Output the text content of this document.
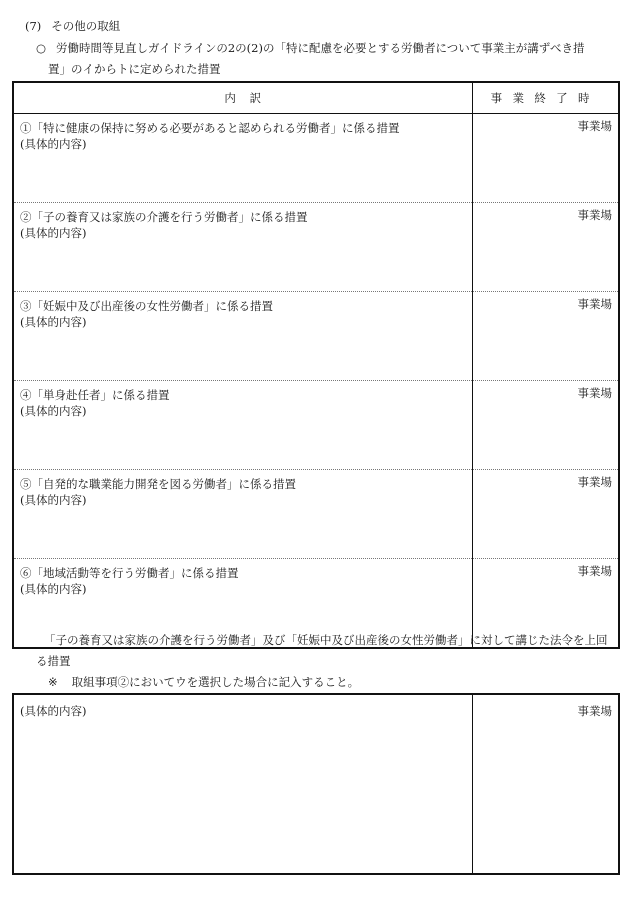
(7) その他の取組
○ 労働時間等見直しガイドラインの2の(2)の「特に配慮を必要とする労働者について事業主が講ずべき措
置」のイからトに定められた措置
内訳	事業終了時

①「特に健康の保持に努める必要があると認められる労働者」に係る措置
(具体的内容)	事業場

②「子の養育又は家族の介護を行う労働者」に係る措置
(具体的内容)	事業場

③「妊娠中及び出産後の女性労働者」に係る措置
(具体的内容)	事業場

④「単身赴任者」に係る措置
(具体的内容)	事業場

⑤「自発的な職業能力開発を図る労働者」に係る措置
(具体的内容)	事業場

⑥「地域活動等を行う労働者」に係る措置
(具体的内容)	事業場
「子の養育又は家族の介護を行う労働者」及び「妊娠中及び出産後の女性労働者」に対して講じた法令を上回
る措置
※ 取組事項②においてウを選択した場合に記入すること。
(具体的内容)	事業場
